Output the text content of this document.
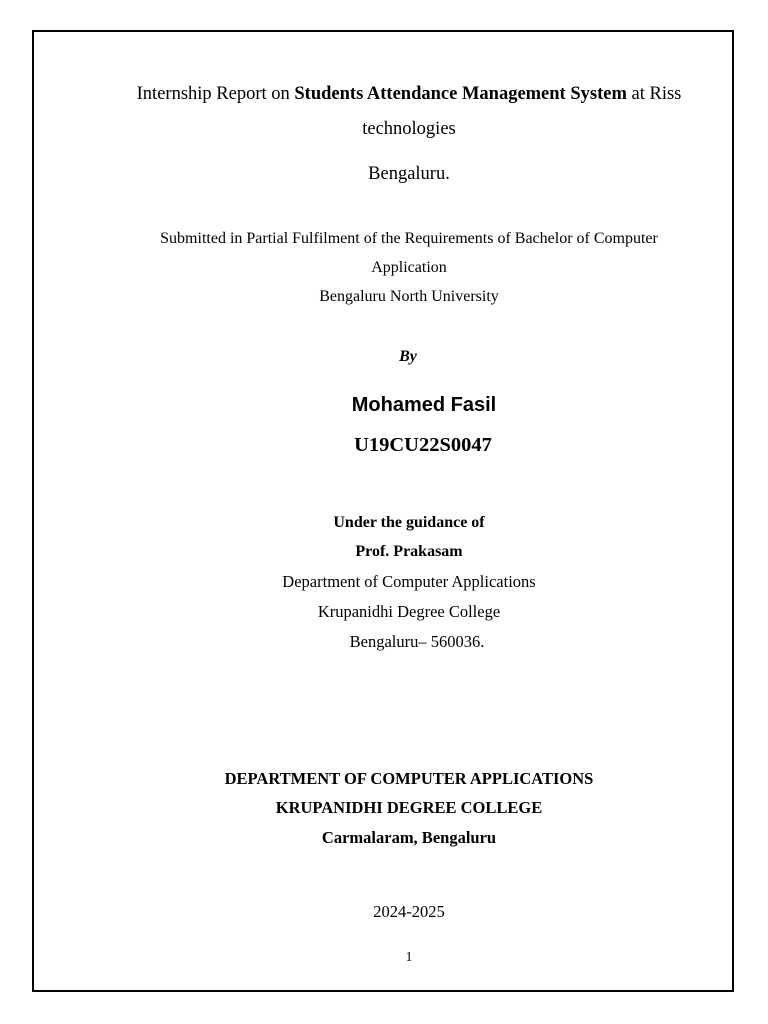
Internship Report on Students Attendance Management System at Riss
technologies
Bengaluru.
Submitted in Partial Fulfilment of the Requirements of Bachelor of Computer
Application
Bengaluru North University
By
Mohamed Fasil
U19CU22S0047
Under the guidance of
Prof. Prakasam
Department of Computer Applications
Krupanidhi Degree College
Bengaluru– 560036.
DEPARTMENT OF COMPUTER APPLICATIONS
KRUPANIDHI DEGREE COLLEGE
Carmalaram, Bengaluru
2024-2025
1
